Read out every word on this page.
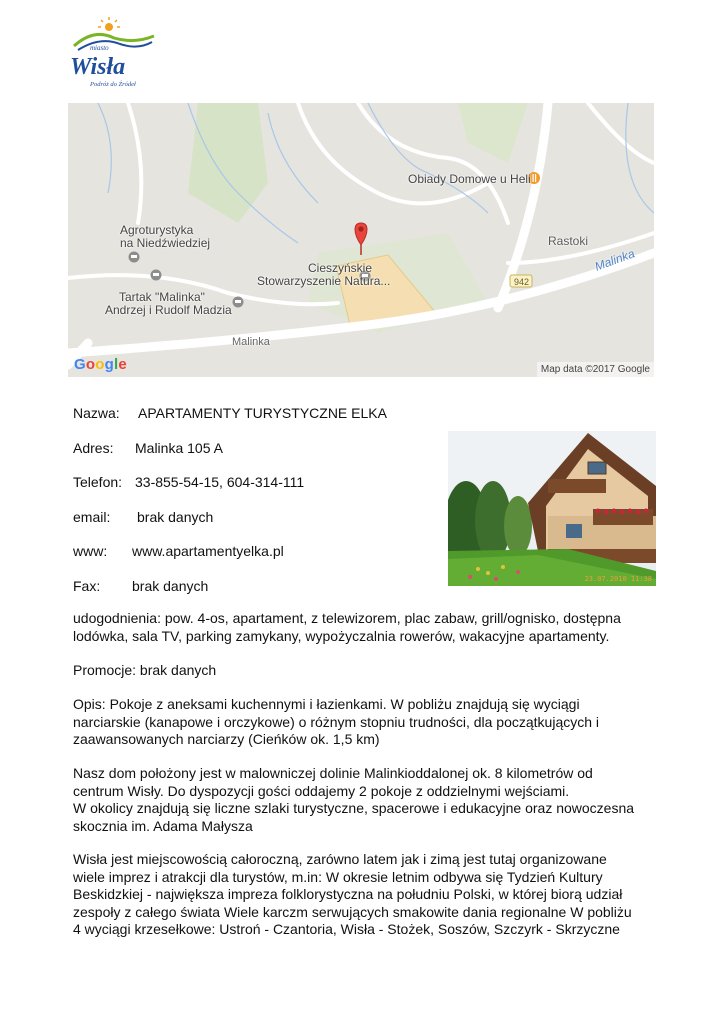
miasto
Wisła
Podróż do Źródeł
Obiady Domowe u Heli
Agroturystyka
na Niedźwiedziej	Rastoki
Malinka
Cieszyńskie
Stowarzyszenie Natura...
Tartak "Malinka"
Andrzej i Rudolf Madzia
942
Malinka
Google	Map data ©2017 Google
Nazwa: APARTAMENTY TURYSTYCZNE ELKA
Adres: Malinka 105 A
Telefon: 33-855-54-15, 604-314-111
email: brak danych
www: www.apartamentyelka.pl
Fax: brak danych	23.07.2010 11:38

udogodnienia: pow. 4-os, apartament, z telewizorem, plac zabaw, grill/ognisko, dostępna

lodówka, sala TV, parking zamykany, wypożyczalnia rowerów, wakacyjne apartamenty.

Promocje: brak danych

Opis: Pokoje z aneksami kuchennymi i łazienkami. W pobliżu znajdują się wyciągi

narciarskie (kanapowe i orczykowe) o różnym stopniu trudności, dla początkujących i

zaawansowanych narciarzy (Cieńków ok. 1,5 km)

Nasz dom położony jest w malowniczej dolinie Malinkioddalonej ok. 8 kilometrów od

centrum Wisły. Do dyspozycji gości oddajemy 2 pokoje z oddzielnymi wejściami.

W okolicy znajdują się liczne szlaki turystyczne, spacerowe i edukacyjne oraz nowoczesna

skocznia im. Adama Małysza

Wisła jest miejscowością całoroczną, zarówno latem jak i zimą jest tutaj organizowane

wiele imprez i atrakcji dla turystów, m.in: W okresie letnim odbywa się Tydzień Kultury

Beskidzkiej - największa impreza folklorystyczna na południu Polski, w której biorą udział

zespoły z całego świata Wiele karczm serwujących smakowite dania regionalne W pobliżu

4 wyciągi krzesełkowe: Ustroń - Czantoria, Wisła - Stożek, Soszów, Szczyrk - Skrzyczne
